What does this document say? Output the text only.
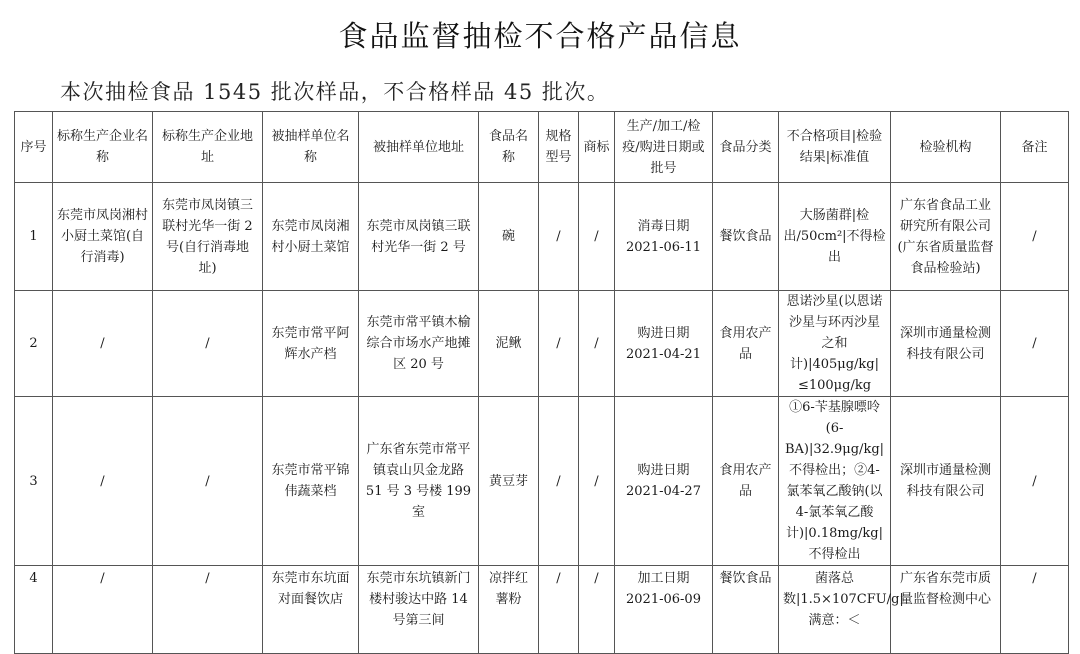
食品监督抽检不合格产品信息
本次抽检食品 1545 批次样品，不合格样品 45 批次。
序号	标称生产企业名称	标称生产企业地址	被抽样单位名称	被抽样单位地址	食品名称	规格型号	商标	生产/加工/检疫/购进日期或批号	食品分类	不合格项目|检验结果|标准值	检验机构	备注
1	东莞市凤岗湘村小厨土菜馆(自行消毒)	东莞市凤岗镇三联村光华一街 2 号(自行消毒地址)	东莞市凤岗湘村小厨土菜馆	东莞市凤岗镇三联村光华一街 2 号	碗	/	/	消毒日期 2021-06-11	餐饮食品	大肠菌群|检出/50cm²|不得检出	广东省食品工业研究所有限公司(广东省质量监督食品检验站)	/
2	/	/	东莞市常平阿辉水产档	东莞市常平镇木榆综合市场水产地摊区 20 号	泥鳅	/	/	购进日期 2021-04-21	食用农产品	恩诺沙星(以恩诺沙星与环丙沙星之和计)|405μg/kg|≤100μg/kg	深圳市通量检测科技有限公司	/
3	/	/	东莞市常平锦伟蔬菜档	广东省东莞市常平镇袁山贝金龙路 51 号 3 号楼 199 室	黄豆芽	/	/	购进日期 2021-04-27	食用农产品	①6-苄基腺嘌呤(6-BA)|32.9μg/kg|不得检出；②4-氯苯氧乙酸钠(以 4-氯苯氧乙酸计)|0.18mg/kg|不得检出	深圳市通量检测科技有限公司	/
4	/	/	东莞市东坑面对面餐饮店	东莞市东坑镇新门楼村骏达中路 14 号第三间	凉拌红薯粉	/	/	加工日期 2021-06-09	餐饮食品	菌落总数|1.5×107CFU/g|满意：＜	广东省东莞市质量监督检测中心	/
